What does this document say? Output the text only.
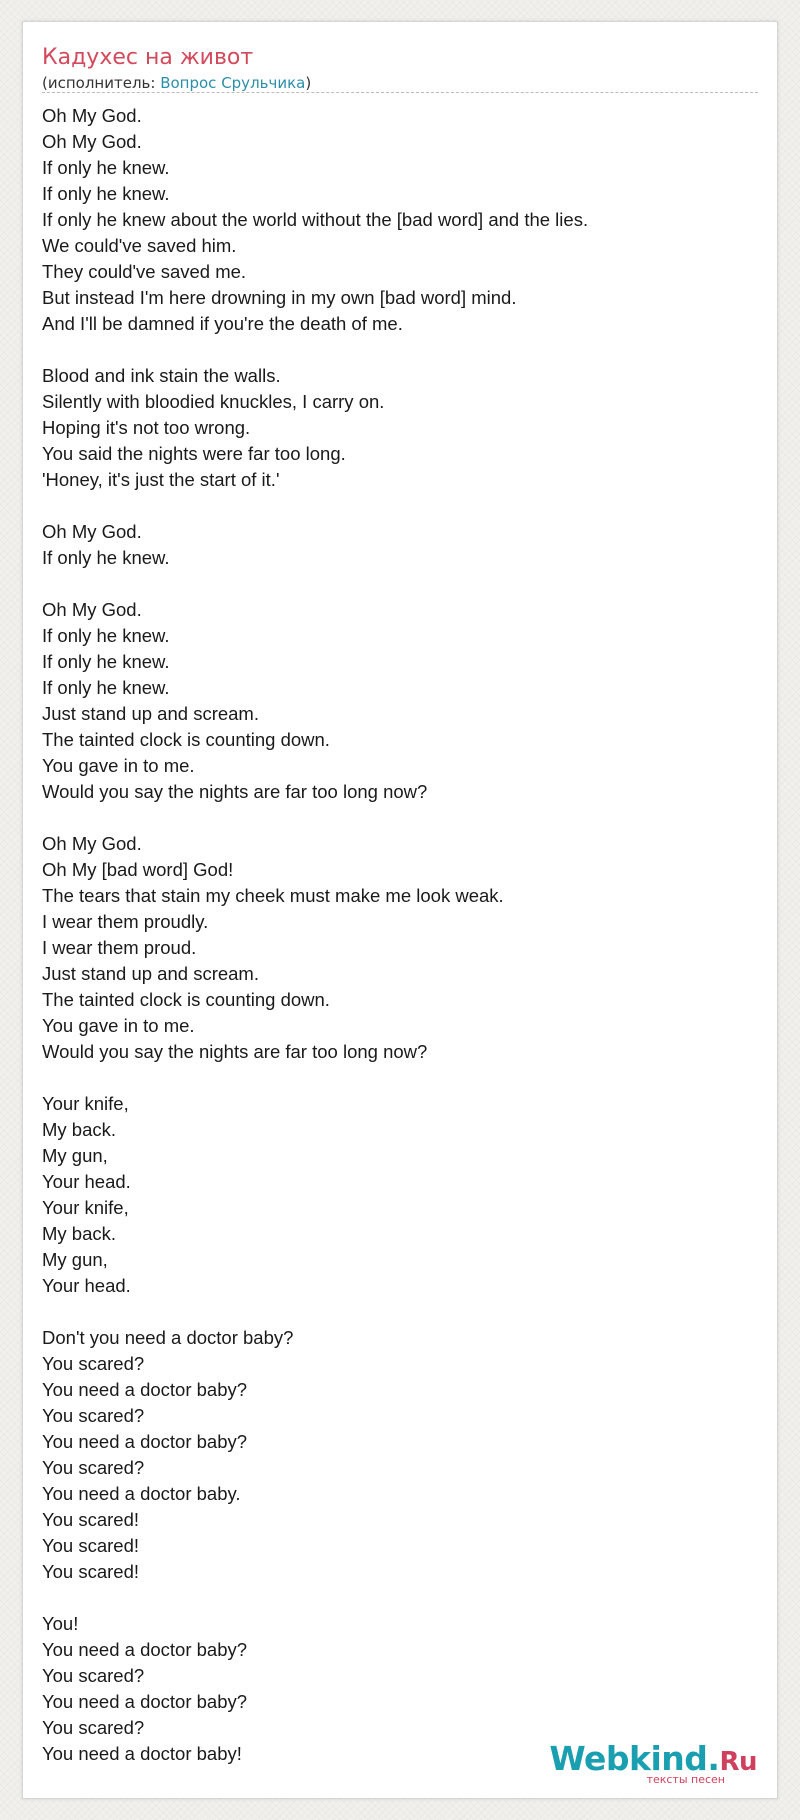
Кадухес на живот
(исполнитель: Вопрос Срульчика)
Oh My God.
Oh My God.
If only he knew.
If only he knew.
If only he knew about the world without the [bad word] and the lies.
We could've saved him.
They could've saved me.
But instead I'm here drowning in my own [bad word] mind.
And I'll be damned if you're the death of me.
Blood and ink stain the walls.
Silently with bloodied knuckles, I carry on.
Hoping it's not too wrong.
You said the nights were far too long.
'Honey, it's just the start of it.'
Oh My God.
If only he knew.
Oh My God.
If only he knew.
If only he knew.
If only he knew.
Just stand up and scream.
The tainted clock is counting down.
You gave in to me.
Would you say the nights are far too long now?
Oh My God.
Oh My [bad word] God!
The tears that stain my cheek must make me look weak.
I wear them proudly.
I wear them proud.
Just stand up and scream.
The tainted clock is counting down.
You gave in to me.
Would you say the nights are far too long now?
Your knife,
My back.
My gun,
Your head.
Your knife,
My back.
My gun,
Your head.
Don't you need a doctor baby?
You scared?
You need a doctor baby?
You scared?
You need a doctor baby?
You scared?
You need a doctor baby.
You scared!
You scared!
You scared!
You!
You need a doctor baby?
You scared?
You need a doctor baby?
You scared?
You need a doctor baby!	Webkind.Ru
тексты песен
